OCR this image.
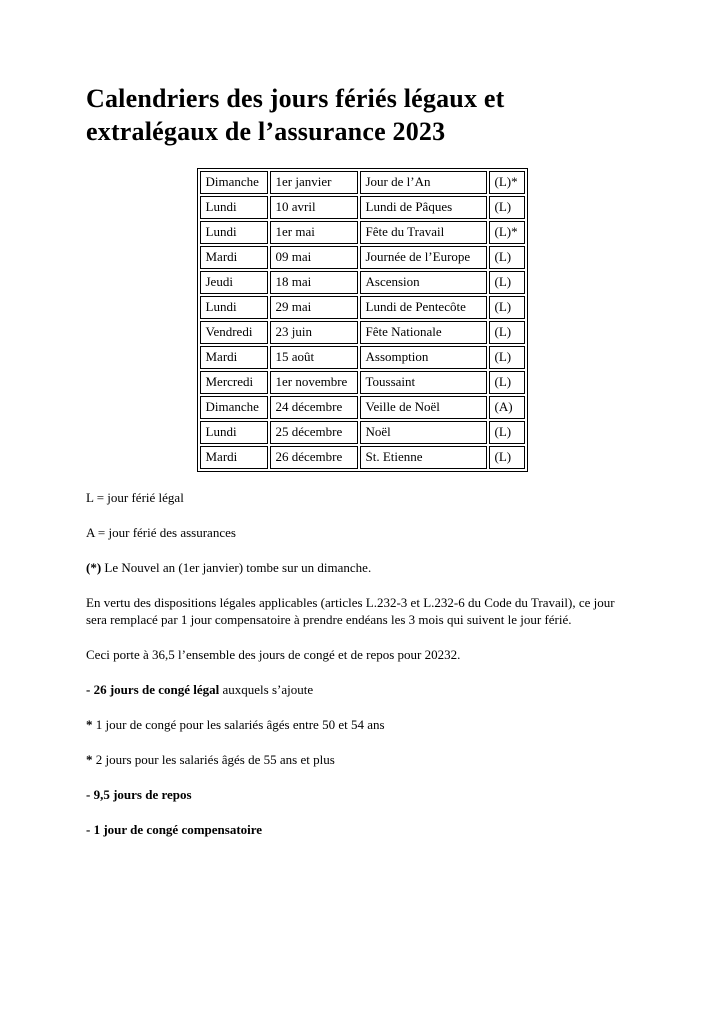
Calendriers des jours fériés légaux et extralégaux de l’assurance 2023
Dimanche	1er janvier	Jour de l’An	(L)*
Lundi	10 avril	Lundi de Pâques	(L)
Lundi	1er mai	Fête du Travail	(L)*
Mardi	09 mai	Journée de l’Europe	(L)
Jeudi	18 mai	Ascension	(L)
Lundi	29 mai	Lundi de Pentecôte	(L)
Vendredi	23 juin	Fête Nationale	(L)
Mardi	15 août	Assomption	(L)
Mercredi	1er novembre	Toussaint	(L)
Dimanche	24 décembre	Veille de Noël	(A)
Lundi	25 décembre	Noël	(L)
Mardi	26 décembre	St. Etienne	(L)

L = jour férié légal

A = jour férié des assurances

(*) Le Nouvel an (1er janvier) tombe sur un dimanche.

En vertu des dispositions légales applicables (articles L.232-3 et L.232-6 du Code du Travail), ce jour sera remplacé par 1 jour compensatoire à prendre endéans les 3 mois qui suivent le jour férié.

Ceci porte à 36,5 l’ensemble des jours de congé et de repos pour 20232.

- 26 jours de congé légal auxquels s’ajoute

* 1 jour de congé pour les salariés âgés entre 50 et 54 ans

* 2 jours pour les salariés âgés de 55 ans et plus

- 9,5 jours de repos

- 1 jour de congé compensatoire
